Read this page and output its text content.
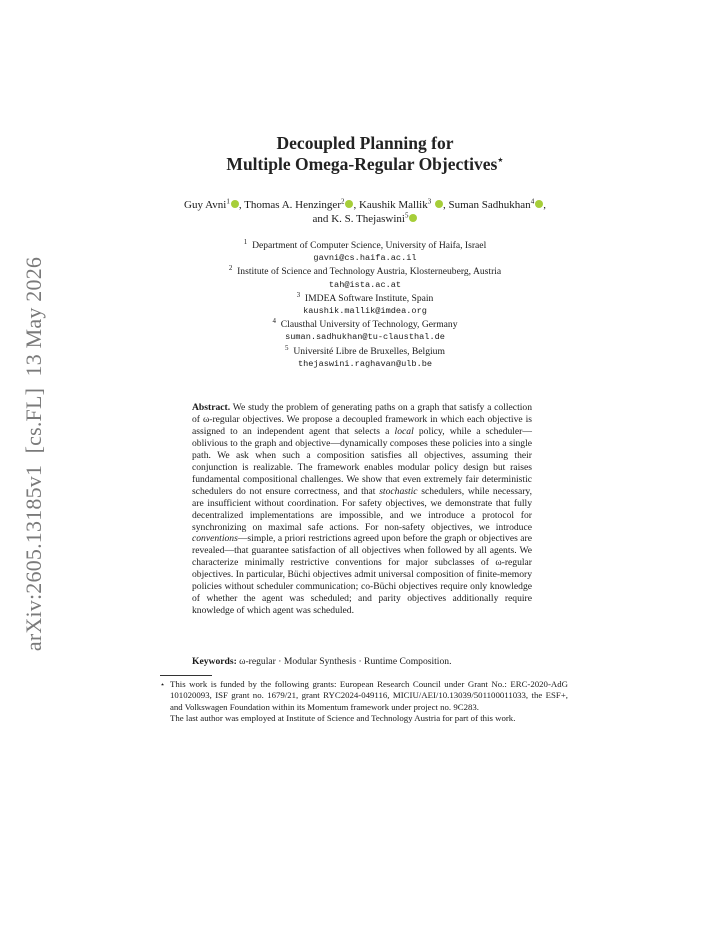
arXiv:2605.13185v1  [cs.FL]  13 May 2026
Decoupled Planning for
Multiple Omega-Regular Objectives⋆
Guy Avni$^1$ , Thomas A. Henzinger$^2$ , Kaushik Mallik$^3$ , Suman Sadhukhan$^4$ , and K. S. Thejaswini$^5$
$^1$ Department of Computer Science, University of Haifa, Israel
gavni@cs.haifa.ac.il
$^2$ Institute of Science and Technology Austria, Klosterneuberg, Austria
tah@ista.ac.at
$^3$ IMDEA Software Institute, Spain
kaushik.mallik@imdea.org
$^4$ Clausthal University of Technology, Germany
suman.sadhukhan@tu-clausthal.de
$^5$ Université Libre de Bruxelles, Belgium
thejaswini.raghavan@ulb.be
Abstract. We study the problem of generating paths on a graph that satisfy a collection of ω-regular objectives. We propose a decoupled framework in which each objective is assigned to an independent agent that selects a local policy, while a scheduler—oblivious to the graph and objective—dynamically composes these policies into a single path. We ask when such a composition satisfies all objectives, assuming their conjunction is realizable. The framework enables modular policy design but raises fundamental compositional challenges. We show that even extremely fair deterministic schedulers do not ensure correctness, and that stochastic schedulers, while necessary, are insufficient without coordination. For safety objectives, we demonstrate that fully decentralized implementations are impossible, and we introduce a protocol for synchronizing on maximal safe actions. For non-safety objectives, we introduce conventions—simple, a priori restrictions agreed upon before the graph or objectives are revealed—that guarantee satisfaction of all objectives when followed by all agents. We characterize minimally restrictive conventions for major subclasses of ω-regular objectives. In particular, Büchi objectives admit universal composition of finite-memory policies without scheduler communication; co-Büchi objectives require only knowledge of whether the agent was scheduled; and parity objectives additionally require knowledge of which agent was scheduled.
Keywords: ω-regular · Modular Synthesis · Runtime Composition.
⋆ This work is funded by the following grants: European Research Council under Grant No.: ERC-2020-AdG 101020093, ISF grant no. 1679/21, grant RYC2024-049116, MICIU/AEI/10.13039/501100011033, the ESF+, and Volkswagen Foundation within its Momentum framework under project no. 9C283.
The last author was employed at Institute of Science and Technology Austria for part of this work.
